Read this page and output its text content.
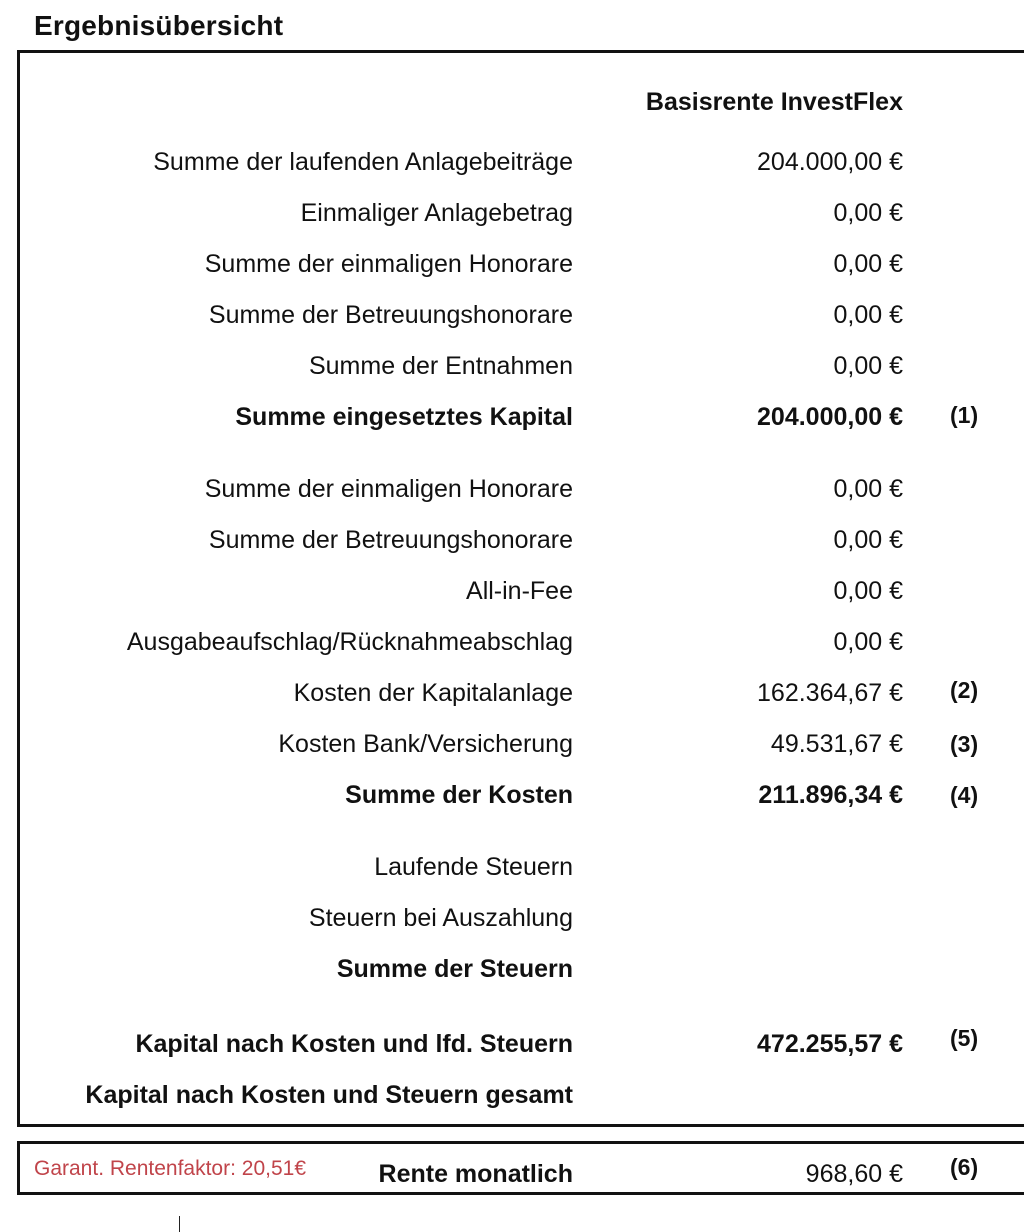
Ergebnisübersicht
Basisrente InvestFlex
Summe der laufenden Anlagebeiträge	204.000,00 €
Einmaliger Anlagebetrag	0,00 €
Summe der einmaligen Honorare	0,00 €
Summe der Betreuungshonorare	0,00 €
Summe der Entnahmen	0,00 €
Summe eingesetztes Kapital	204.000,00 € (1)
Summe der einmaligen Honorare	0,00 €
Summe der Betreuungshonorare	0,00 €
All-in-Fee	0,00 €
Ausgabeaufschlag/Rücknahmeabschlag	0,00 €
Kosten der Kapitalanlage	162.364,67 € (2)
Kosten Bank/Versicherung	49.531,67 € (3)
Summe der Kosten	211.896,34 € (4)
Laufende Steuern
Steuern bei Auszahlung
Summe der Steuern
Kapital nach Kosten und lfd. Steuern	472.255,57 € (5)
Kapital nach Kosten und Steuern gesamt
Garant. Rentenfaktor: 20,51€	Rente monatlich	968,60 € (6)
